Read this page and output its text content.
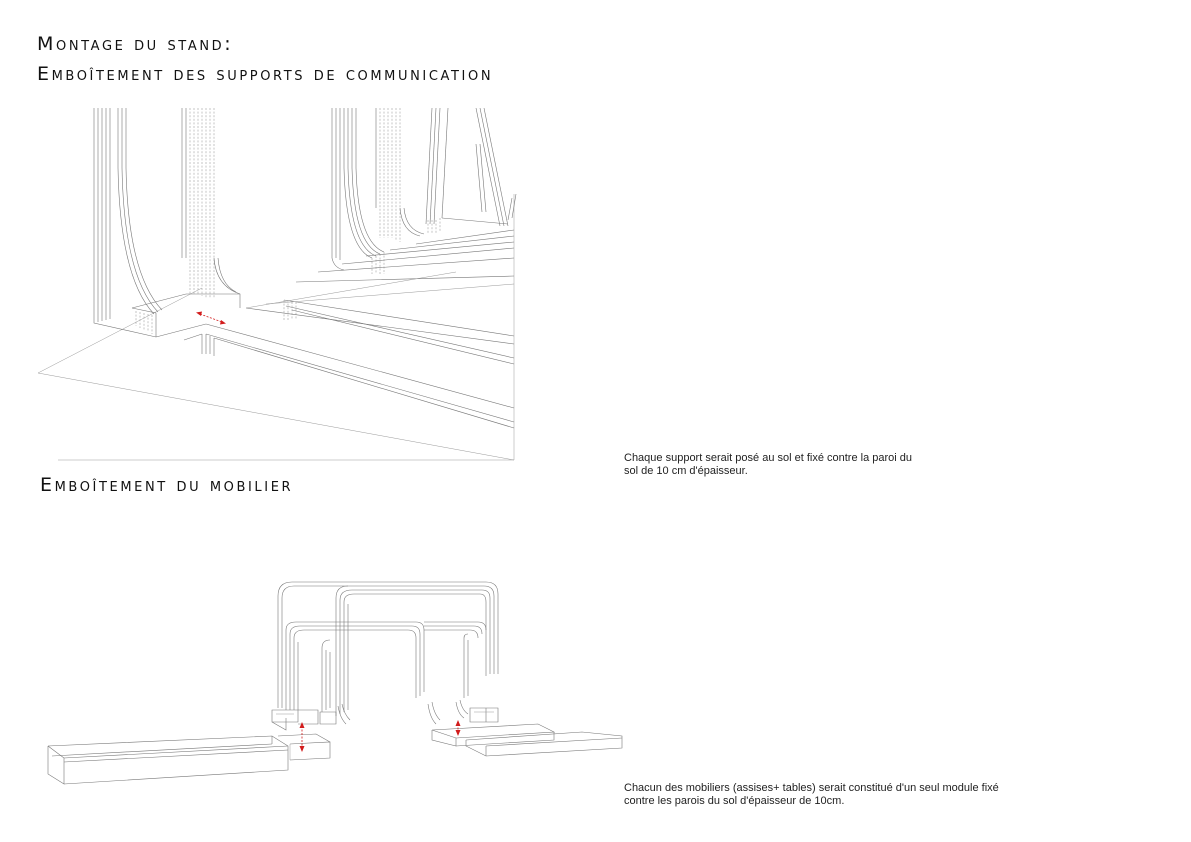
Montage du stand:
Emboîtement des supports de communication

Chaque support serait posé au sol et fixé contre la paroi du
sol de 10 cm d'épaisseur.

Emboîtement du mobilier

Chacun des mobiliers (assises+ tables) serait constitué d'un seul module fixé
contre les parois du sol d'épaisseur de 10cm.
